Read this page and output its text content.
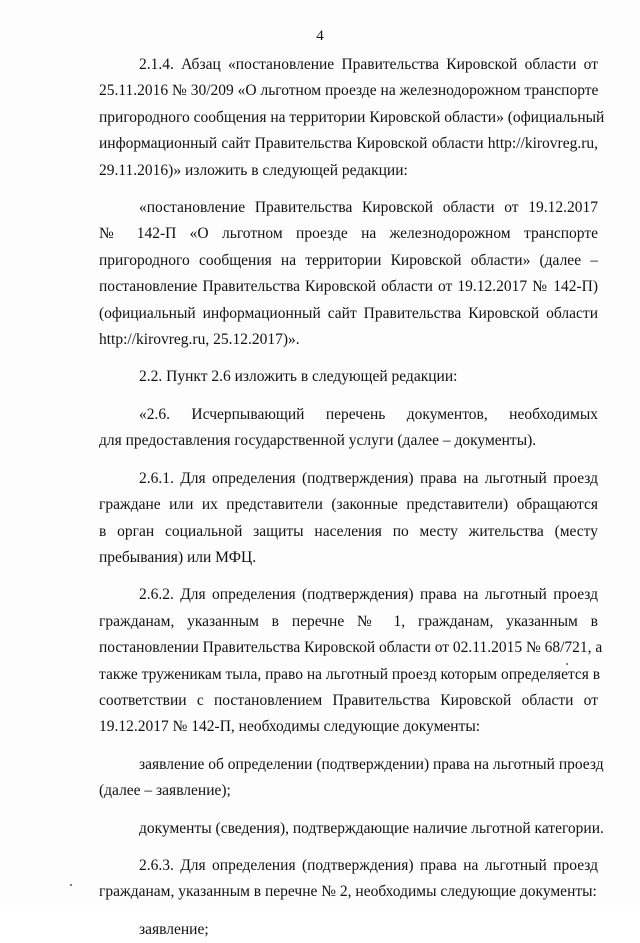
4
2.1.4. Абзац «постановление Правительства Кировской области от
25.11.2016 № 30/209 «О льготном проезде на железнодорожном транспорте
пригородного сообщения на территории Кировской области» (официальный
информационный сайт Правительства Кировской области http://kirovreg.ru,
29.11.2016)» изложить в следующей редакции:
«постановление Правительства Кировской области от 19.12.2017
№ 142-П «О льготном проезде на железнодорожном транспорте
пригородного сообщения на территории Кировской области» (далее –
постановление Правительства Кировской области от 19.12.2017 № 142-П)
(официальный информационный сайт Правительства Кировской области
http://kirovreg.ru, 25.12.2017)».
2.2. Пункт 2.6 изложить в следующей редакции:
«2.6. Исчерпывающий перечень документов, необходимых
для предоставления государственной услуги (далее – документы).
2.6.1. Для определения (подтверждения) права на льготный проезд
граждане или их представители (законные представители) обращаются
в орган социальной защиты населения по месту жительства (месту
пребывания) или МФЦ.
2.6.2. Для определения (подтверждения) права на льготный проезд
гражданам, указанным в перечне № 1, гражданам, указанным в
постановлении Правительства Кировской области от 02.11.2015 № 68/721, а
также труженикам тыла, право на льготный проезд которым определяется в
соответствии с постановлением Правительства Кировской области от
19.12.2017 № 142-П, необходимы следующие документы:
заявление об определении (подтверждении) права на льготный проезд
(далее – заявление);
документы (сведения), подтверждающие наличие льготной категории.
2.6.3. Для определения (подтверждения) права на льготный проезд
гражданам, указанным в перечне № 2, необходимы следующие документы:
заявление;
